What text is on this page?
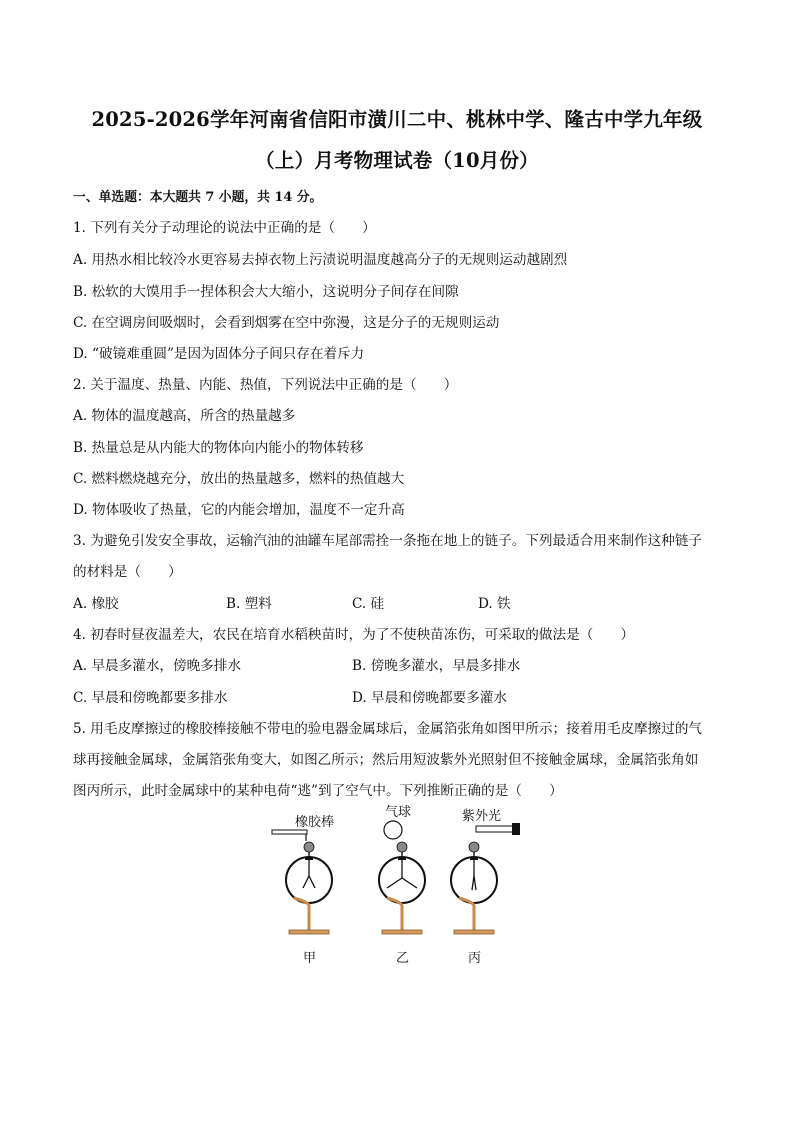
2025-2026学年河南省信阳市潢川二中、桃林中学、隆古中学九年级
（上）月考物理试卷（10月份）
一、单选题：本大题共 7 小题，共 14 分。
1. 下列有关分子动理论的说法中正确的是（　　）
A. 用热水相比较冷水更容易去掉衣物上污渍说明温度越高分子的无规则运动越剧烈
B. 松软的大馍用手一捏体积会大大缩小，这说明分子间存在间隙
C. 在空调房间吸烟时，会看到烟雾在空中弥漫，这是分子的无规则运动
D. “破镜难重圆”是因为固体分子间只存在着斥力
2. 关于温度、热量、内能、热值，下列说法中正确的是（　　）
A. 物体的温度越高，所含的热量越多
B. 热量总是从内能大的物体向内能小的物体转移
C. 燃料燃烧越充分，放出的热量越多，燃料的热值越大
D. 物体吸收了热量，它的内能会增加，温度不一定升高
3. 为避免引发安全事故，运输汽油的油罐车尾部需拴一条拖在地上的链子。下列最适合用来制作这种链子
的材料是（　　）
A. 橡胶	B. 塑料	C. 硅	D. 铁
4. 初春时昼夜温差大，农民在培育水稻秧苗时，为了不使秧苗冻伤，可采取的做法是（　　）
A. 早晨多灌水，傍晚多排水	B. 傍晚多灌水，早晨多排水
C. 早晨和傍晚都要多排水	D. 早晨和傍晚都要多灌水
5. 用毛皮摩擦过的橡胶棒接触不带电的验电器金属球后，金属箔张角如图甲所示；接着用毛皮摩擦过的气
球再接触金属球，金属箔张角变大，如图乙所示；然后用短波紫外光照射但不接触金属球，金属箔张角如
图丙所示，此时金属球中的某种电荷“逃”到了空气中。下列推断正确的是（　　）
橡胶棒
甲
气球
乙
紫外光
丙
